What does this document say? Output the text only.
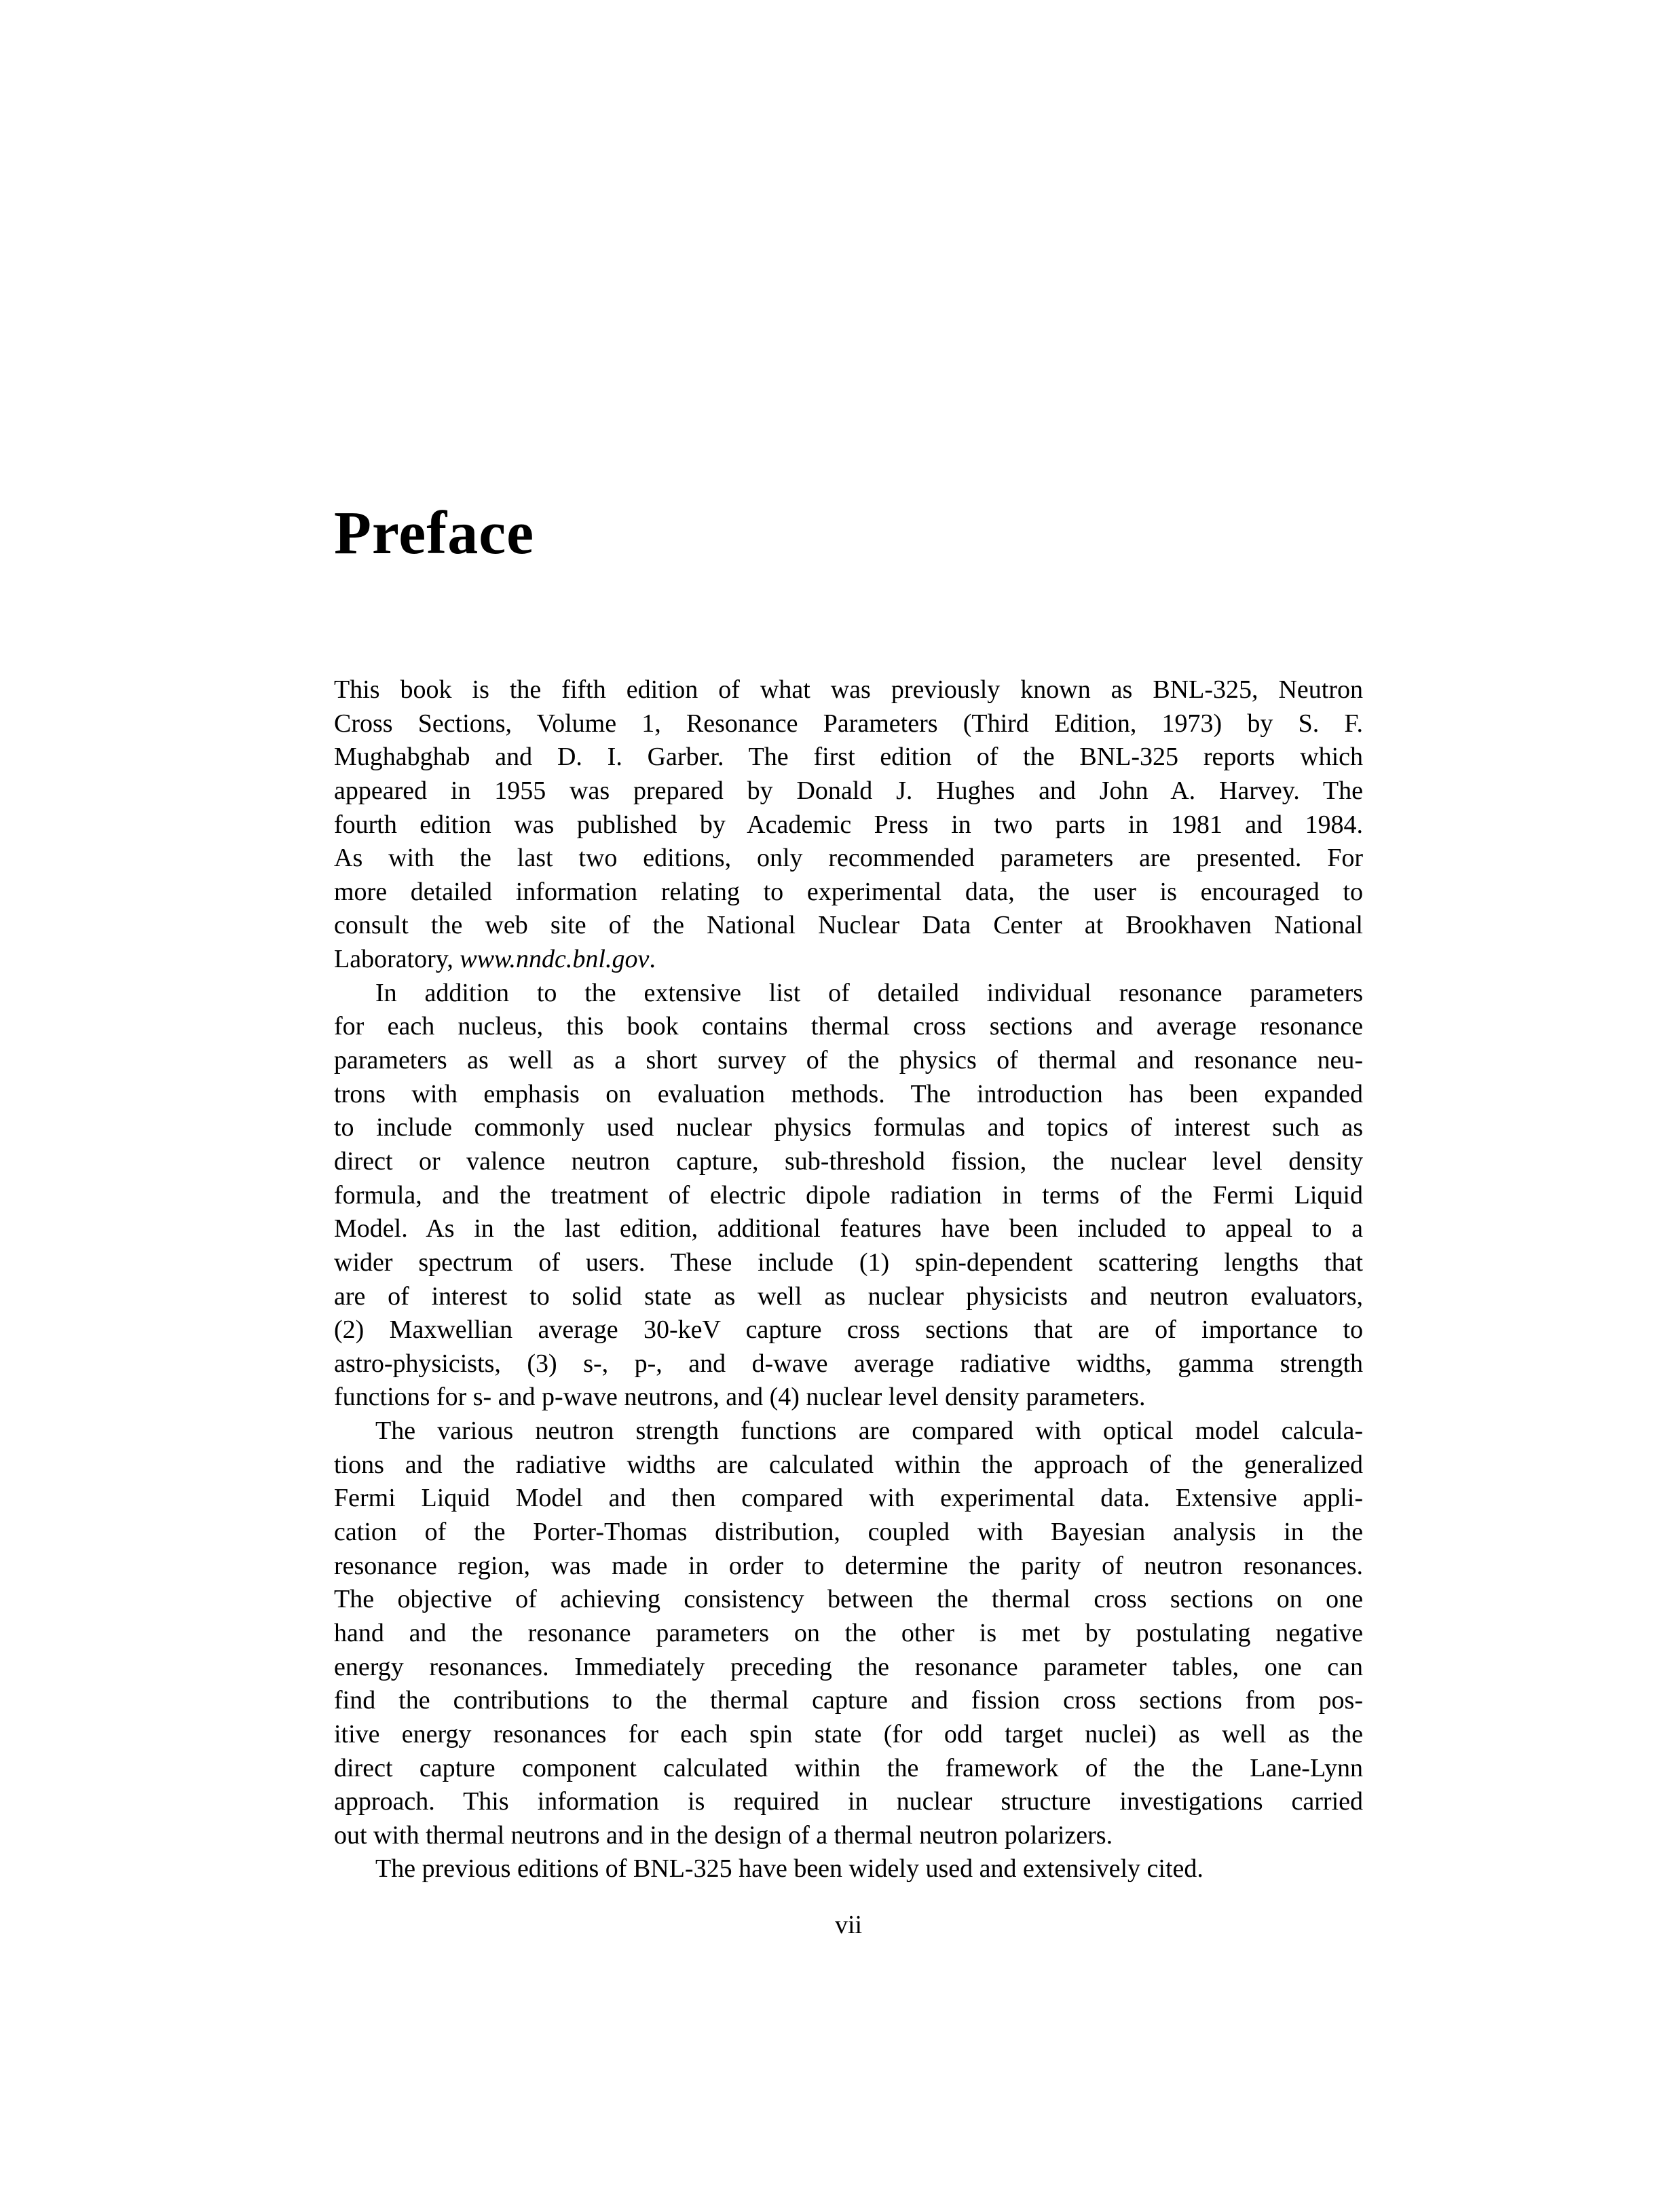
Preface
This book is the fifth edition of what was previously known as BNL-325, Neutron
Cross Sections, Volume 1, Resonance Parameters (Third Edition, 1973) by S. F.
Mughabghab and D. I. Garber. The first edition of the BNL-325 reports which
appeared in 1955 was prepared by Donald J. Hughes and John A. Harvey. The
fourth edition was published by Academic Press in two parts in 1981 and 1984.
As with the last two editions, only recommended parameters are presented. For
more detailed information relating to experimental data, the user is encouraged to
consult the web site of the National Nuclear Data Center at Brookhaven National
Laboratory, www.nndc.bnl.gov.
In addition to the extensive list of detailed individual resonance parameters
for each nucleus, this book contains thermal cross sections and average resonance
parameters as well as a short survey of the physics of thermal and resonance neu-
trons with emphasis on evaluation methods. The introduction has been expanded
to include commonly used nuclear physics formulas and topics of interest such as
direct or valence neutron capture, sub-threshold fission, the nuclear level density
formula, and the treatment of electric dipole radiation in terms of the Fermi Liquid
Model. As in the last edition, additional features have been included to appeal to a
wider spectrum of users. These include (1) spin-dependent scattering lengths that
are of interest to solid state as well as nuclear physicists and neutron evaluators,
(2) Maxwellian average 30-keV capture cross sections that are of importance to
astro-physicists, (3) s-, p-, and d-wave average radiative widths, gamma strength
functions for s- and p-wave neutrons, and (4) nuclear level density parameters.
The various neutron strength functions are compared with optical model calcula-
tions and the radiative widths are calculated within the approach of the generalized
Fermi Liquid Model and then compared with experimental data. Extensive appli-
cation of the Porter-Thomas distribution, coupled with Bayesian analysis in the
resonance region, was made in order to determine the parity of neutron resonances.
The objective of achieving consistency between the thermal cross sections on one
hand and the resonance parameters on the other is met by postulating negative
energy resonances. Immediately preceding the resonance parameter tables, one can
find the contributions to the thermal capture and fission cross sections from pos-
itive energy resonances for each spin state (for odd target nuclei) as well as the
direct capture component calculated within the framework of the the Lane-Lynn
approach. This information is required in nuclear structure investigations carried
out with thermal neutrons and in the design of a thermal neutron polarizers.
The previous editions of BNL-325 have been widely used and extensively cited.
vii
